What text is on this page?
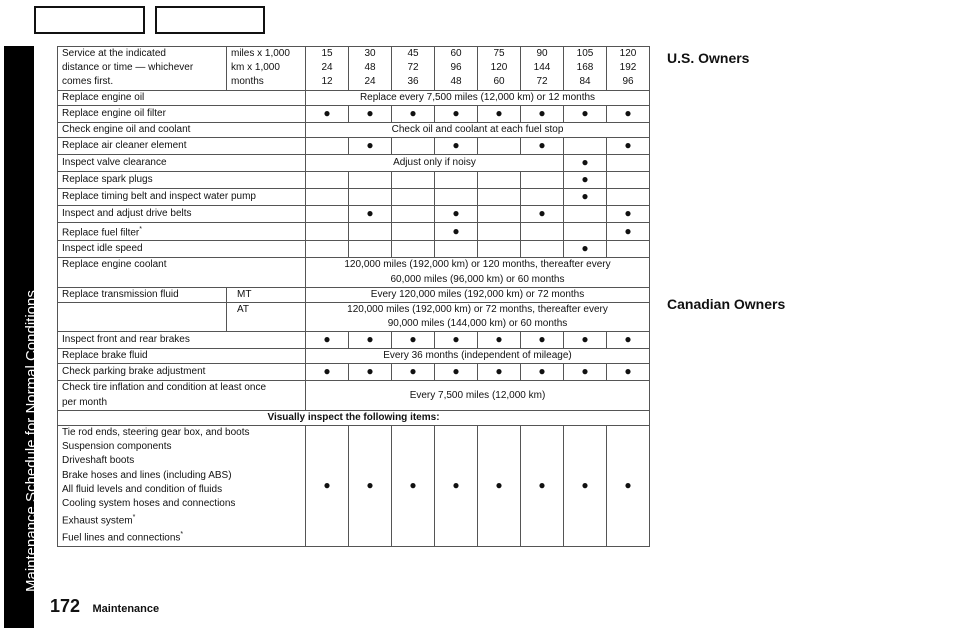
Maintenance Schedule for Normal Conditions
U.S. Owners
Canadian Owners
172 Maintenance
Service at the indicated	miles x 1,000	15	30	45	60	75	90	105	120
distance or time — whichever	km x 1,000	24	48	72	96	120	144	168	192
comes first.	months	12	24	36	48	60	72	84	96
Replace engine oil		Replace every 7,500 miles (12,000 km) or 12 months							
Replace engine oil filter		●	●	●	●	●	●	●	●
Check engine oil and coolant		Check oil and coolant at each fuel stop							
Replace air cleaner element			●		●		●		●
Inspect valve clearance		Adjust only if noisy						●	
Replace spark plugs								●	
Replace timing belt and inspect water pump								●	
Inspect and adjust drive belts			●		●		●		●
Replace fuel filter*					●				●
Inspect idle speed								●	
Replace engine coolant		120,000 miles (192,000 km) or 120 months, thereafter every							
		60,000 miles (96,000 km) or 60 months							
Replace transmission fluid	MT	Every 120,000 miles (192,000 km) or 72 months							
	AT	120,000 miles (192,000 km) or 72 months, thereafter every							
		90,000 miles (144,000 km) or 60 months							
Inspect front and rear brakes		●	●	●	●	●	●	●	●
Replace brake fluid		Every 36 months (independent of mileage)							
Check parking brake adjustment		●	●	●	●	●	●	●	●
Check tire inflation and condition at least once		Every 7,500 miles (12,000 km)							
per month									
Visually inspect the following items:									
Tie rod ends, steering gear box, and boots		●	●	●	●	●	●	●	●
Suspension components									
Driveshaft boots									
Brake hoses and lines (including ABS)									
All fluid levels and condition of fluids									
Cooling system hoses and connections									
Exhaust system*
Fuel lines and connections*
